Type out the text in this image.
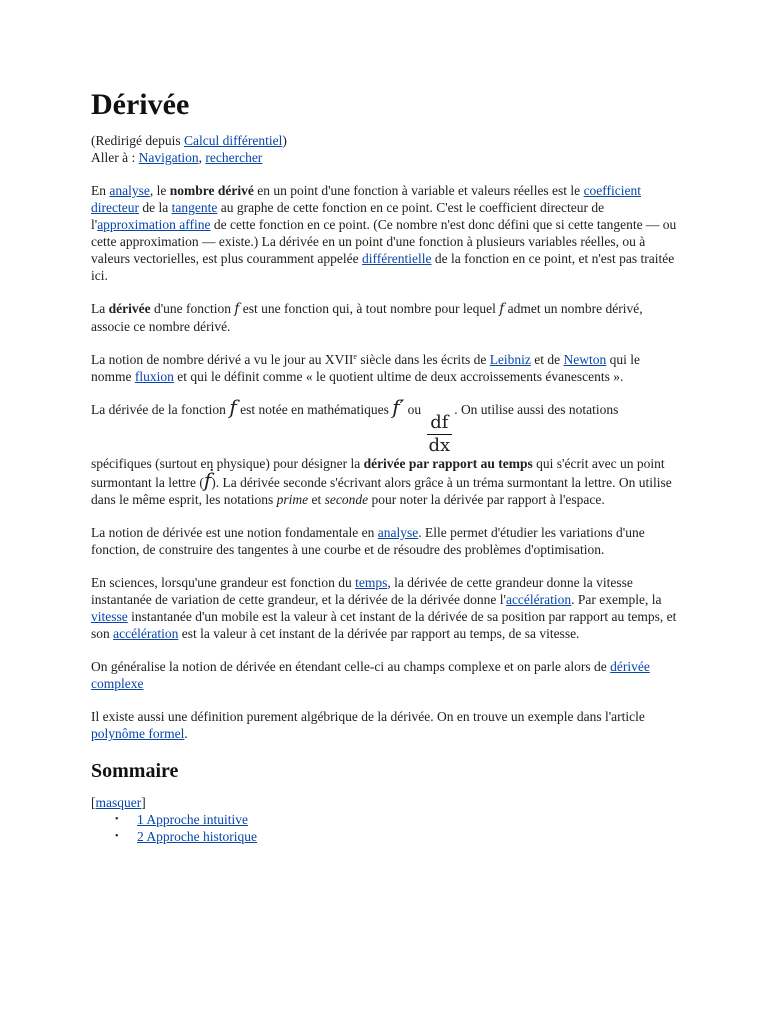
Dérivée
(Redirigé depuis Calcul différentiel)
Aller à : Navigation, rechercher

En analyse, le nombre dérivé en un point d'une fonction à variable et valeurs réelles est le coefficient directeur de la tangente au graphe de cette fonction en ce point. C'est le coefficient directeur de l'approximation affine de cette fonction en ce point. (Ce nombre n'est donc défini que si cette tangente — ou cette approximation — existe.) La dérivée en un point d'une fonction à plusieurs variables réelles, ou à valeurs vectorielles, est plus couramment appelée différentielle de la fonction en ce point, et n'est pas traitée ici.

La dérivée d'une fonction f est une fonction qui, à tout nombre pour lequel f admet un nombre dérivé, associe ce nombre dérivé.

La notion de nombre dérivé a vu le jour au XVIIe siècle dans les écrits de Leibniz et de Newton qui le nomme fluxion et qui le définit comme « le quotient ultime de deux accroissements évanescents ».

La dérivée de la fonction f est notée en mathématiques f′ ou
$\frac{df}{dx}$
. On utilise aussi des notations spécifiques (surtout en physique) pour désigner la dérivée par rapport au temps qui s'écrit avec un point surmontant la lettre (ḟ). La dérivée seconde s'écrivant alors grâce à un tréma surmontant la lettre. On utilise dans le même esprit, les notations prime et seconde pour noter la dérivée par rapport à l'espace.

La notion de dérivée est une notion fondamentale en analyse. Elle permet d'étudier les variations d'une fonction, de construire des tangentes à une courbe et de résoudre des problèmes d'optimisation.

En sciences, lorsqu'une grandeur est fonction du temps, la dérivée de cette grandeur donne la vitesse instantanée de variation de cette grandeur, et la dérivée de la dérivée donne l'accélération. Par exemple, la vitesse instantanée d'un mobile est la valeur à cet instant de la dérivée de sa position par rapport au temps, et son accélération est la valeur à cet instant de la dérivée par rapport au temps, de sa vitesse.

On généralise la notion de dérivée en étendant celle-ci au champs complexe et on parle alors de dérivée complexe

Il existe aussi une définition purement algébrique de la dérivée. On en trouve un exemple dans l'article polynôme formel.

Sommaire
[masquer]
• 1 Approche intuitive
• 2 Approche historique
